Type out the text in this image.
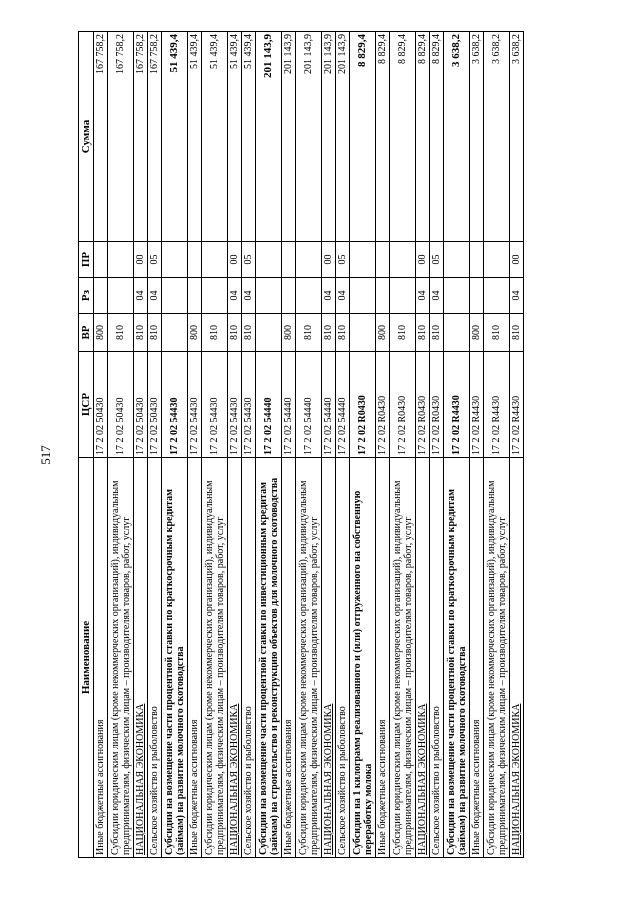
517
Наименование	ЦСР	ВР	Рз	ПР	Сумма
Иные бюджетные ассигнования	17 2 02 50430	800			167 758,2
Субсидии юридическим лицам (кроме некоммерческих организаций), индивидуальным предпринимателям, физическим лицам – производителям товаров, работ, услуг	17 2 02 50430	810			167 758,2
НАЦИОНАЛЬНАЯ ЭКОНОМИКА	17 2 02 50430	810	04	00	167 758,2
Сельское хозяйство и рыболовство	17 2 02 50430	810	04	05	167 758,2
Субсидии на возмещение части процентной ставки по краткосрочным кредитам (займам) на развитие молочного скотоводства	17 2 02 54430				51 439,4
Иные бюджетные ассигнования	17 2 02 54430	800			51 439,4
Субсидии юридическим лицам (кроме некоммерческих организаций), индивидуальным предпринимателям, физическим лицам – производителям товаров, работ, услуг	17 2 02 54430	810			51 439,4
НАЦИОНАЛЬНАЯ ЭКОНОМИКА	17 2 02 54430	810	04	00	51 439,4
Сельское хозяйство и рыболовство	17 2 02 54430	810	04	05	51 439,4
Субсидии на возмещение части процентной ставки по инвестиционным кредитам (займам) на строительство и реконструкцию объектов для молочного скотоводства	17 2 02 54440				201 143,9
Иные бюджетные ассигнования	17 2 02 54440	800			201 143,9
Субсидии юридическим лицам (кроме некоммерческих организаций), индивидуальным предпринимателям, физическим лицам – производителям товаров, работ, услуг	17 2 02 54440	810			201 143,9
НАЦИОНАЛЬНАЯ ЭКОНОМИКА	17 2 02 54440	810	04	00	201 143,9
Сельское хозяйство и рыболовство	17 2 02 54440	810	04	05	201 143,9
Субсидии на 1 килограмм реализованного и (или) отгруженного на собственную переработку молока	17 2 02 R0430				8 829,4
Иные бюджетные ассигнования	17 2 02 R0430	800			8 829,4
Субсидии юридическим лицам (кроме некоммерческих организаций), индивидуальным предпринимателям, физическим лицам – производителям товаров, работ, услуг	17 2 02 R0430	810			8 829,4
НАЦИОНАЛЬНАЯ ЭКОНОМИКА	17 2 02 R0430	810	04	00	8 829,4
Сельское хозяйство и рыболовство	17 2 02 R0430	810	04	05	8 829,4
Субсидии на возмещение части процентной ставки по краткосрочным кредитам (займам) на развитие молочного скотоводства	17 2 02 R4430				3 638,2
Иные бюджетные ассигнования	17 2 02 R4430	800			3 638,2
Субсидии юридическим лицам (кроме некоммерческих организаций), индивидуальным предпринимателям, физическим лицам – производителям товаров, работ, услуг	17 2 02 R4430	810			3 638,2
НАЦИОНАЛЬНАЯ ЭКОНОМИКА	17 2 02 R4430	810	04	00	3 638,2
